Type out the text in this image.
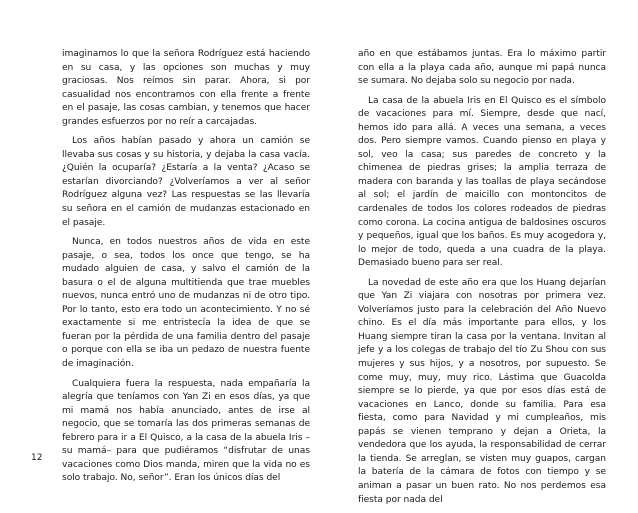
imaginamos lo que la señora Rodríguez está haciendo en su casa, y las opciones son muchas y muy graciosas. Nos reímos sin parar. Ahora, si por casualidad nos encontramos con ella frente a frente en el pasaje, las cosas cambian, y tenemos que hacer grandes esfuerzos por no reír a carcajadas.

Los años habían pasado y ahora un camión se llevaba sus cosas y su historia, y dejaba la casa vacía. ¿Quién la ocuparía? ¿Estaría a la venta? ¿Acaso se estarían divorciando? ¿Volveríamos a ver al señor Rodríguez alguna vez? Las respuestas se las llevaría su señora en el camión de mudanzas estacionado en el pasaje.

Nunca, en todos nuestros años de vida en este pasaje, o sea, todos los once que tengo, se ha mudado alguien de casa, y salvo el camión de la basura o el de alguna multitienda que trae muebles nuevos, nunca entró uno de mudanzas ni de otro tipo. Por lo tanto, esto era todo un acontecimiento. Y no sé exactamente si me entristecía la idea de que se fueran por la pérdida de una familia dentro del pasaje o porque con ella se iba un pedazo de nuestra fuente de imaginación.

Cualquiera fuera la respuesta, nada empañaría la alegría que teníamos con Yan Zi en esos días, ya que mi mamá nos había anunciado, antes de irse al negocio, que se tomaría las dos primeras semanas de febrero para ir a El Quisco, a la casa de la abuela Iris –su mamá– para que pudiéramos “disfrutar de unas vacaciones como Dios manda, miren que la vida no es solo trabajo. No, señor”. Eran los únicos días del

año en que estábamos juntas. Era lo máximo partir con ella a la playa cada año, aunque mi papá nunca se sumara. No dejaba solo su negocio por nada.

La casa de la abuela Iris en El Quisco es el símbolo de vacaciones para mí. Siempre, desde que nací, hemos ido para allá. A veces una semana, a veces dos. Pero siempre vamos. Cuando pienso en playa y sol, veo la casa; sus paredes de concreto y la chimenea de piedras grises; la amplia terraza de madera con baranda y las toallas de playa secándose al sol; el jardín de maicillo con montoncitos de cardenales de todos los colores rodeados de piedras como corona. La cocina antigua de baldosines oscuros y pequeños, igual que los baños. Es muy acogedora y, lo mejor de todo, queda a una cuadra de la playa. Demasiado bueno para ser real.

La novedad de este año era que los Huang dejarían que Yan Zi viajara con nosotras por primera vez. Volveríamos justo para la celebración del Año Nuevo chino. Es el día más importante para ellos, y los Huang siempre tiran la casa por la ventana. Invitan al jefe y a los colegas de trabajo del tío Zu Shou con sus mujeres y sus hijos, y a nosotros, por supuesto. Se come muy, muy, muy rico. Lástima que Guacolda siempre se lo pierde, ya que por esos días está de vacaciones en Lanco, donde su familia. Para esa fiesta, como para Navidad y mi cumpleaños, mis papás se vienen temprano y dejan a Orieta, la vendedora que los ayuda, la responsabilidad de cerrar la tienda. Se arreglan, se visten muy guapos, cargan la batería de la cámara de fotos con tiempo y se animan a pasar un buen rato. No nos perdemos esa fiesta por nada del

12
